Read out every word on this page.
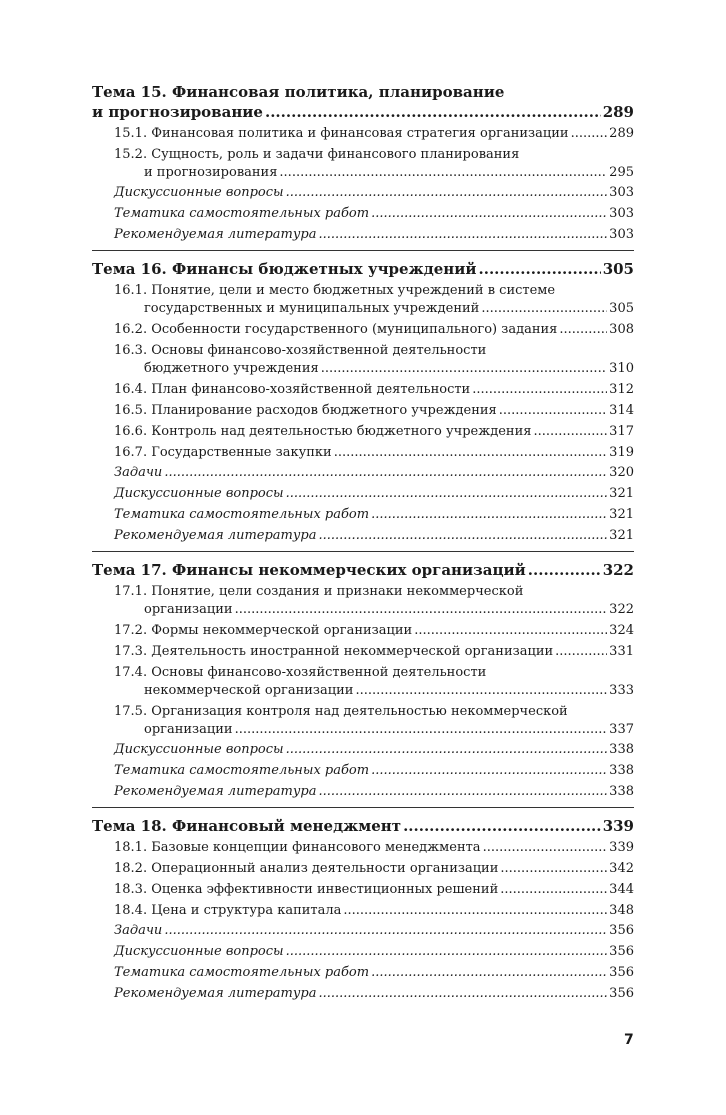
Тема 15. Финансовая политика, планирование
и прогнозирование .....	289
15.1. Финансовая политика и финансовая стратегия организации .....	289
15.2. Сущность, роль и задачи финансового планирования
и прогнозирования .....	295
Дискуссионные вопросы .....	303
Тематика самостоятельных работ .....	303
Рекомендуемая литература .....	303
Тема 16. Финансы бюджетных учреждений .....	305
16.1. Понятие, цели и место бюджетных учреждений в системе
государственных и муниципальных учреждений .....	305
16.2. Особенности государственного (муниципального) задания .....	308
16.3. Основы финансово-хозяйственной деятельности
бюджетного учреждения .....	310
16.4. План финансово-хозяйственной деятельности .....	312
16.5. Планирование расходов бюджетного учреждения .....	314
16.6. Контроль над деятельностью бюджетного учреждения .....	317
16.7. Государственные закупки .....	319
Задачи .....	320
Дискуссионные вопросы .....	321
Тематика самостоятельных работ .....	321
Рекомендуемая литература .....	321
Тема 17. Финансы некоммерческих организаций .....	322
17.1. Понятие, цели создания и признаки некоммерческой
организации .....	322
17.2. Формы некоммерческой организации .....	324
17.3. Деятельность иностранной некоммерческой организации .....	331
17.4. Основы финансово-хозяйственной деятельности
некоммерческой организации .....	333
17.5. Организация контроля над деятельностью некоммерческой
организации .....	337
Дискуссионные вопросы .....	338
Тематика самостоятельных работ .....	338
Рекомендуемая литература .....	338
Тема 18. Финансовый менеджмент .....	339
18.1. Базовые концепции финансового менеджмента .....	339
18.2. Операционный анализ деятельности организации .....	342
18.3. Оценка эффективности инвестиционных решений .....	344
18.4. Цена и структура капитала .....	348
Задачи .....	356
Дискуссионные вопросы .....	356
Тематика самостоятельных работ .....	356
Рекомендуемая литература .....	356
7
